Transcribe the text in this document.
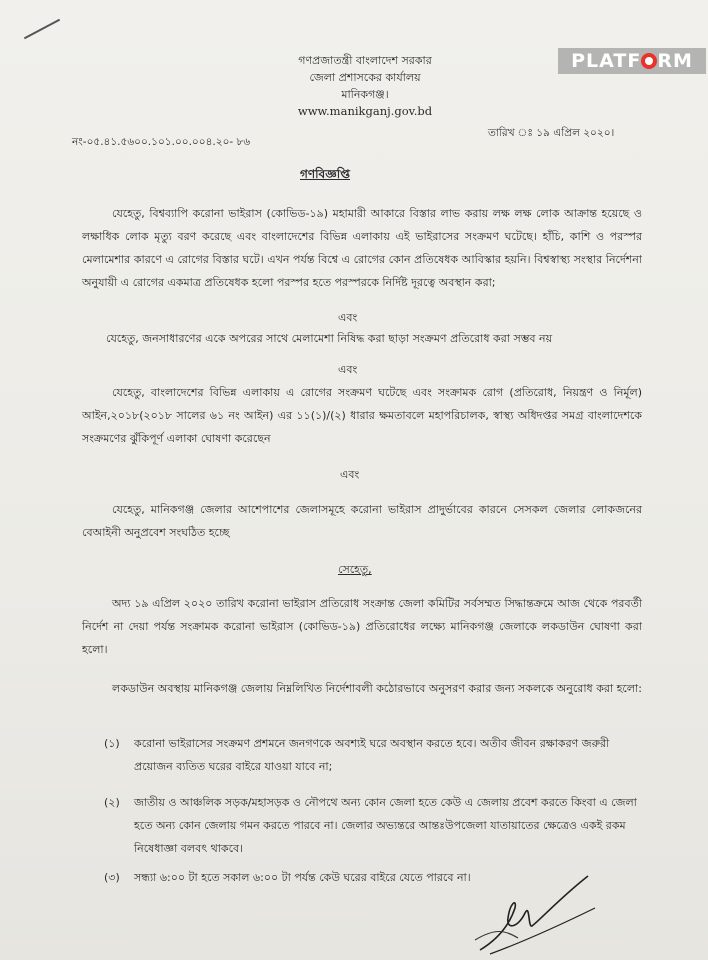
PLATF RM
গণপ্রজাতন্ত্রী বাংলাদেশ সরকার
জেলা প্রশাসকের কার্যালয়
মানিকগঞ্জ।
www.manikganj.gov.bd
নং-০৫.৪১.৫৬০০.১০১.০০.০০৪.২০- ৮৬
তারিখ ঃ ১৯ এপ্রিল ২০২০।
গণবিজ্ঞপ্তি
যেহেতু, বিশ্বব্যাপি করোনা ভাইরাস (কোভিড-১৯) মহামারী আকারে বিস্তার লাভ করায় লক্ষ লক্ষ লোক আক্রান্ত হয়েছে ও লক্ষাধিক লোক মৃত্যু বরণ করেছে এবং বাংলাদেশের বিভিন্ন এলাকায় এই ভাইরাসের সংক্রমণ ঘটেছে। হাঁচি, কাশি ও পরস্পর মেলামেশার কারণে এ রোগের বিস্তার ঘটে। এখন পর্যন্ত বিশ্বে এ রোগের কোন প্রতিষেধক আবিস্কার হয়নি। বিশ্বস্বাস্থ্য সংস্থার নির্দেশনা অনুযায়ী এ রোগের একমাত্র প্রতিষেধক হলো পরস্পর হতে পরস্পরকে নির্দিষ্ট দূরত্বে অবস্থান করা;
এবং
যেহেতু, জনসাধারণের একে অপরের সাথে মেলামেশা নিষিদ্ধ করা ছাড়া সংক্রমণ প্রতিরোধ করা সম্ভব নয়
এবং
যেহেতু, বাংলাদেশের বিভিন্ন এলাকায় এ রোগের সংক্রমণ ঘটেছে এবং সংক্রামক রোগ (প্রতিরোধ, নিয়ন্ত্রণ ও নির্মূল) আইন,২০১৮(২০১৮ সালের ৬১ নং আইন) এর ১১(১)/(২) ধারার ক্ষমতাবলে মহাপরিচালক, স্বাস্থ্য অধিদপ্তর সমগ্র বাংলাদেশকে সংক্রমণের ঝুঁকিপূর্ণ এলাকা ঘোষণা করেছেন
এবং
যেহেতু, মানিকগঞ্জ জেলার আশেপাশের জেলাসমূহে করোনা ভাইরাস প্রাদুর্ভাবের কারনে সেসকল জেলার লোকজনের বেআইনী অনুপ্রবেশ সংঘঠিত হচ্ছে
সেহেতু,
অদ্য ১৯ এপ্রিল ২০২০ তারিখ করোনা ভাইরাস প্রতিরোধ সংক্রান্ত জেলা কমিটির সর্বসম্মত সিদ্ধান্তক্রমে আজ থেকে পরবর্তী নির্দেশ না দেয়া পর্যন্ত সংক্রামক করোনা ভাইরাস (কোভিড-১৯) প্রতিরোধের লক্ষ্যে মানিকগঞ্জ জেলাকে লকডাউন ঘোষণা করা হলো।
লকডাউন অবস্থায় মানিকগঞ্জ জেলায় নিম্নলিখিত নির্দেশাবলী কঠোরভাবে অনুসরণ করার জন্য সকলকে অনুরোধ করা হলো:
(১) করোনা ভাইরাসের সংক্রমণ প্রশমনে জনগণকে অবশ্যই ঘরে অবস্থান করতে হবে। অতীব জীবন রক্ষাকরণ জরুরী প্রয়োজন ব্যতিত ঘরের বাইরে যাওয়া যাবে না;
(২) জাতীয় ও আঞ্চলিক সড়ক/মহাসড়ক ও নৌপথে অন্য কোন জেলা হতে কেউ এ জেলায় প্রবেশ করতে কিংবা এ জেলা হতে অন্য কোন জেলায় গমন করতে পারবে না। জেলার অভ্যন্তরে আন্তঃউপজেলা যাতায়াতের ক্ষেত্রেও একই রকম নিষেধাজ্ঞা বলবৎ থাকবে।
(৩) সন্ধ্যা ৬:০০ টা হতে সকাল ৬:০০ টা পর্যন্ত কেউ ঘরের বাইরে যেতে পারবে না।
